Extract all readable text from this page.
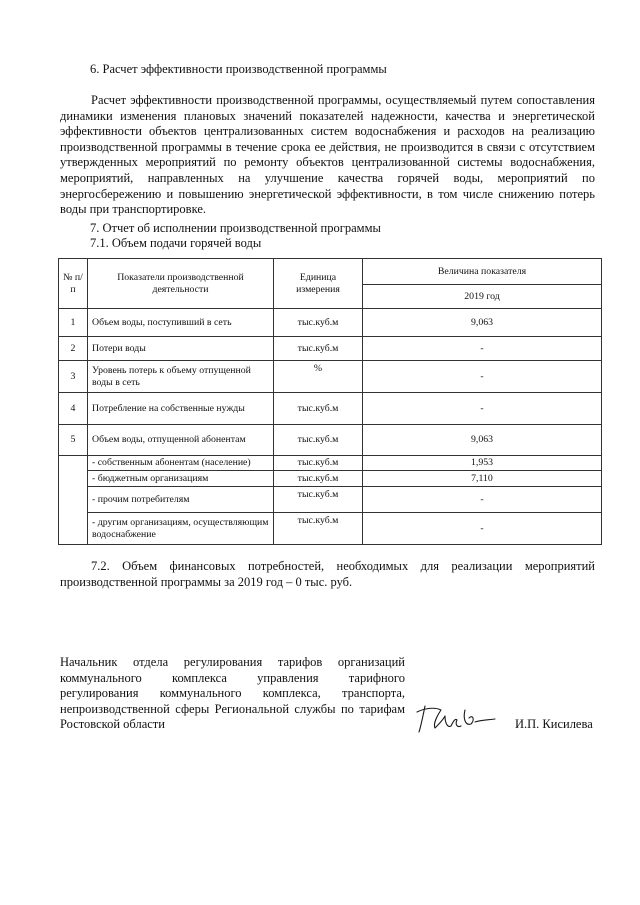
6. Расчет эффективности производственной программы
Расчет эффективности производственной программы, осуществляемый путем сопоставления динамики изменения плановых значений показателей надежности, качества и энергетической эффективности объектов централизованных систем водоснабжения и расходов на реализацию производственной программы в течение срока ее действия, не производится в связи с отсутствием утвержденных мероприятий по ремонту объектов централизованной системы водоснабжения, мероприятий, направленных на улучшение качества горячей воды, мероприятий по энергосбережению и повышению энергетической эффективности, в том числе снижению потерь воды при транспортировке.
7. Отчет об исполнении производственной программы
7.1. Объем подачи горячей воды
№ п/п	Показатели производственной деятельности	Единица измерения	Величина показателя
			2019 год
1	Объем воды, поступивший в сеть	тыс.куб.м	9,063
2	Потери воды	тыс.куб.м	-
3	Уровень потерь к объему отпущенной воды в сеть	%	-
4	Потребление на собственные нужды	тыс.куб.м	-
5	Объем воды, отпущенной абонентам	тыс.куб.м	9,063
	- собственным абонентам (население)	тыс.куб.м	1,953
	- бюджетным организациям	тыс.куб.м	7,110
	- прочим потребителям	тыс.куб.м	-
	- другим организациям, осуществляющим водоснабжение	тыс.куб.м	-
7.2. Объем финансовых потребностей, необходимых для реализации мероприятий производственной программы за 2019 год – 0 тыс. руб.
Начальник отдела регулирования тарифов организаций коммунального комплекса управления тарифного регулирования коммунального комплекса, транспорта, непроизводственной сферы Региональной службы по тарифам Ростовской области	И.П. Кисилева
